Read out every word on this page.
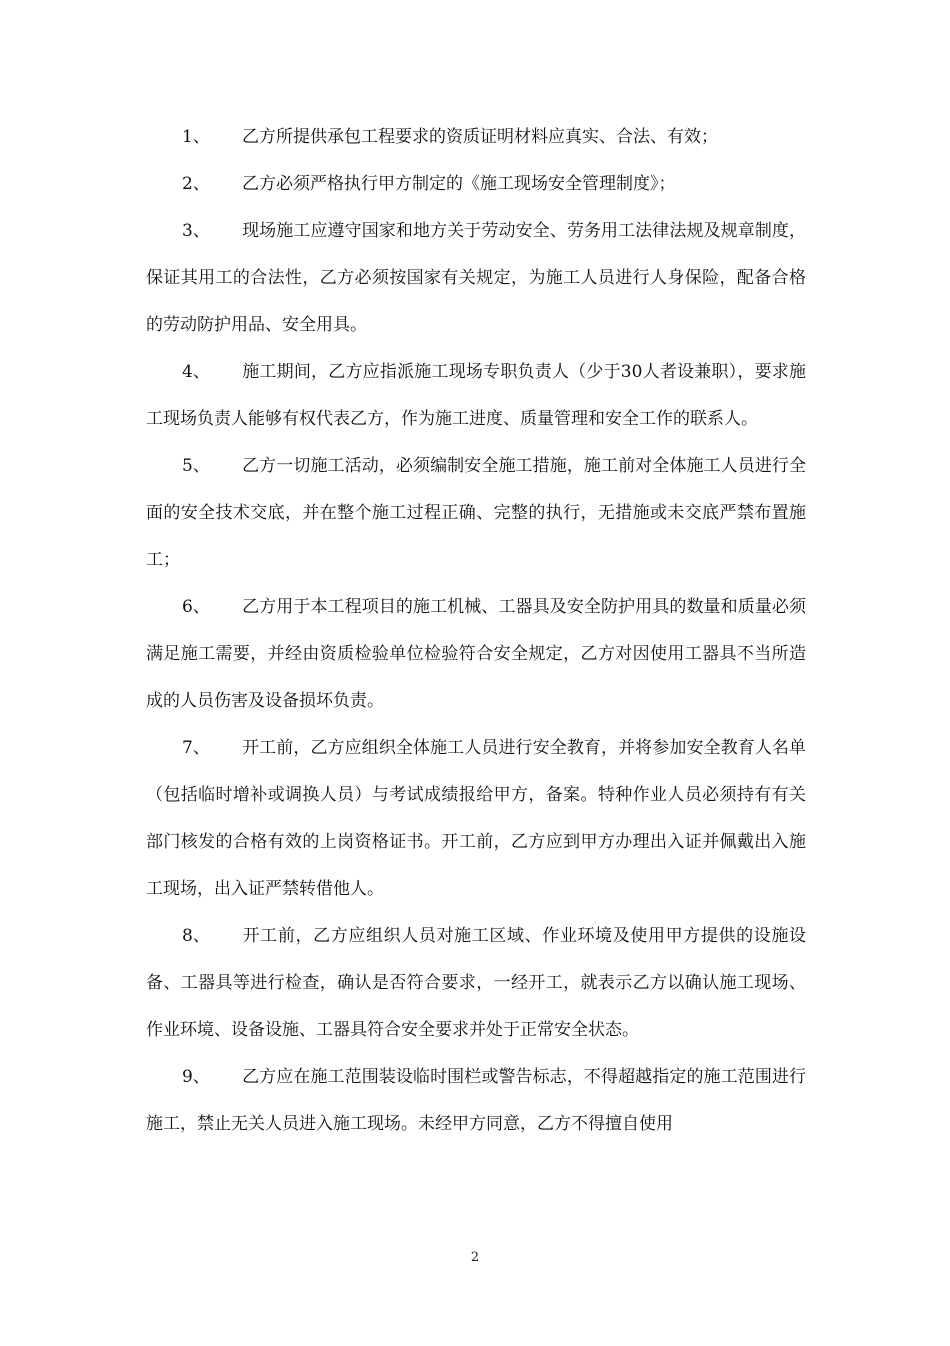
1、 乙方所提供承包工程要求的资质证明材料应真实、合法、有效；

2、 乙方必须严格执行甲方制定的《施工现场安全管理制度》；

3、 现场施工应遵守国家和地方关于劳动安全、劳务用工法律法规及规章制度，保证其用工的合法性，乙方必须按国家有关规定，为施工人员进行人身保险，配备合格的劳动防护用品、安全用具。

4、 施工期间，乙方应指派施工现场专职负责人（少于30人者设兼职），要求施工现场负责人能够有权代表乙方，作为施工进度、质量管理和安全工作的联系人。

5、 乙方一切施工活动，必须编制安全施工措施，施工前对全体施工人员进行全面的安全技术交底，并在整个施工过程正确、完整的执行，无措施或未交底严禁布置施工；

6、 乙方用于本工程项目的施工机械、工器具及安全防护用具的数量和质量必须满足施工需要，并经由资质检验单位检验符合安全规定，乙方对因使用工器具不当所造成的人员伤害及设备损坏负责。

7、 开工前，乙方应组织全体施工人员进行安全教育，并将参加安全教育人名单（包括临时增补或调换人员）与考试成绩报给甲方，备案。特种作业人员必须持有有关部门核发的合格有效的上岗资格证书。开工前，乙方应到甲方办理出入证并佩戴出入施工现场，出入证严禁转借他人。

8、 开工前，乙方应组织人员对施工区域、作业环境及使用甲方提供的设施设备、工器具等进行检查，确认是否符合要求，一经开工，就表示乙方以确认施工现场、作业环境、设备设施、工器具符合安全要求并处于正常安全状态。

9、 乙方应在施工范围装设临时围栏或警告标志，不得超越指定的施工范围进行施工，禁止无关人员进入施工现场。未经甲方同意，乙方不得擅自使用

2
